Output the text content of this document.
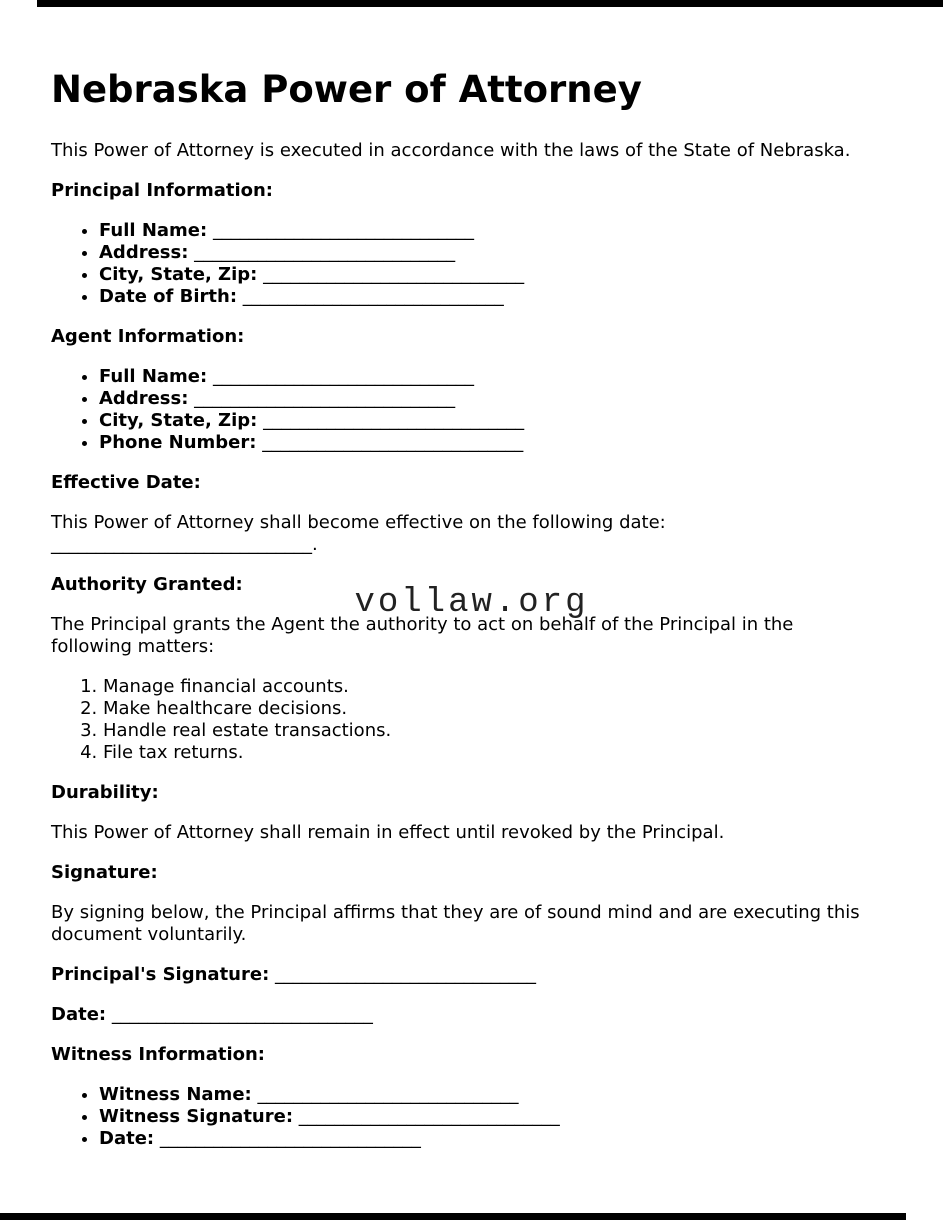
vollaw.org
Nebraska Power of Attorney

This Power of Attorney is executed in accordance with the laws of the State of Nebraska.

Principal Information:

• Full Name: _____________________________
• Address: _____________________________
• City, State, Zip: _____________________________
• Date of Birth: _____________________________

Agent Information:

• Full Name: _____________________________
• Address: _____________________________
• City, State, Zip: _____________________________
• Phone Number: _____________________________

Effective Date:

This Power of Attorney shall become effective on the following date:
_____________________________.

Authority Granted:

The Principal grants the Agent the authority to act on behalf of the Principal in the
following matters:

1. Manage financial accounts.
2. Make healthcare decisions.
3. Handle real estate transactions.
4. File tax returns.

Durability:

This Power of Attorney shall remain in effect until revoked by the Principal.

Signature:

By signing below, the Principal affirms that they are of sound mind and are executing this
document voluntarily.

Principal's Signature: _____________________________

Date: _____________________________

Witness Information:

• Witness Name: _____________________________
• Witness Signature: _____________________________
• Date: _____________________________
